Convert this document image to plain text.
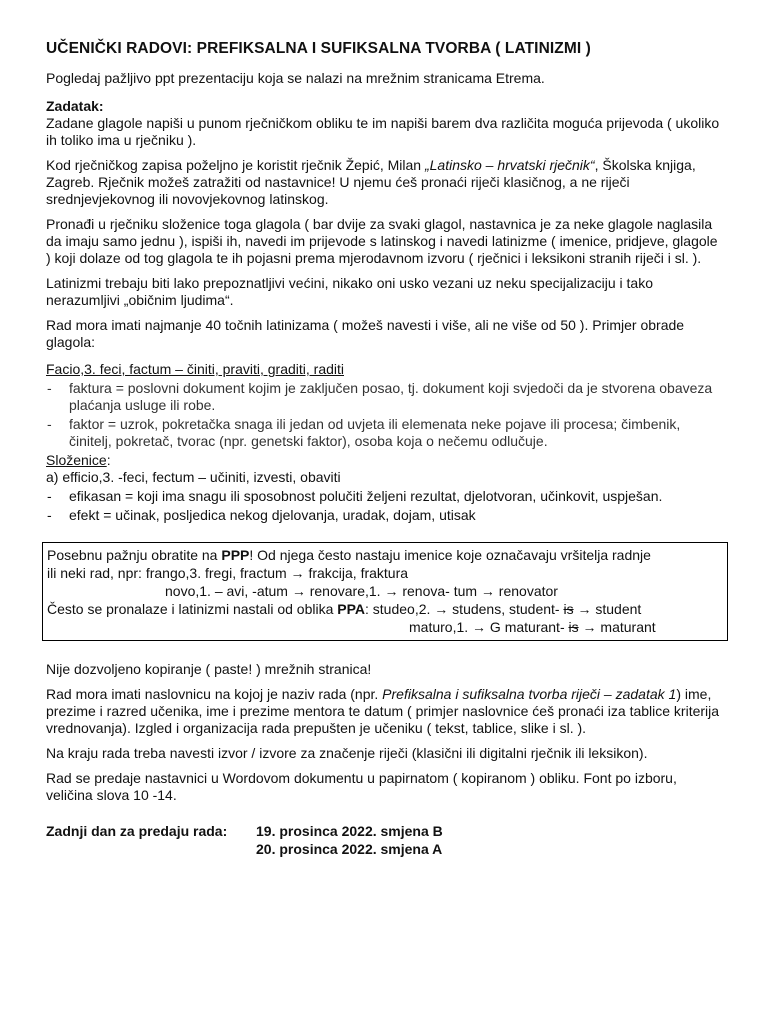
UČENIČKI RADOVI: PREFIKSALNA I SUFIKSALNA TVORBA ( LATINIZMI )

Pogledaj pažljivo ppt prezentaciju koja se nalazi na mrežnim stranicama Etrema.

Zadatak:

Zadane glagole napiši u punom rječničkom obliku te im napiši barem dva različita moguća prijevoda ( ukoliko ih toliko ima u rječniku ).

Kod rječničkog zapisa poželjno je koristit rječnik Žepić, Milan „Latinsko – hrvatski rječnik“, Školska knjiga, Zagreb. Rječnik možeš zatražiti od nastavnice! U njemu ćeš pronaći riječi klasičnog, a ne riječi srednjevjekovnog ili novovjekovnog latinskog.

Pronađi u rječniku složenice toga glagola ( bar dvije za svaki glagol, nastavnica je za neke glagole naglasila da imaju samo jednu ), ispiši ih, navedi im prijevode s latinskog i navedi latinizme ( imenice, pridjeve, glagole ) koji dolaze od tog glagola te ih pojasni prema mjerodavnom izvoru ( rječnici i leksikoni stranih riječi i sl. ).

Latinizmi trebaju biti lako prepoznatljivi većini, nikako oni usko vezani uz neku specijalizaciju i tako nerazumljivi „običnim ljudima“.

Rad mora imati najmanje 40 točnih latinizama ( možeš navesti i više, ali ne više od 50 ). Primjer obrade glagola:

Facio,3. feci, factum – činiti, praviti, graditi, raditi

- faktura = poslovni dokument kojim je zaključen posao, tj. dokument koji svjedoči da je stvorena obaveza plaćanja usluge ili robe.
- faktor = uzrok, pokretačka snaga ili jedan od uvjeta ili elemenata neke pojave ili procesa; čimbenik, činitelj, pokretač, tvorac (npr. genetski faktor), osoba koja o nečemu odlučuje.
Složenice:
a) efficio,3. -feci, fectum – učiniti, izvesti, obaviti
- efikasan = koji ima snagu ili sposobnost polučiti željeni rezultat, djelotvoran, učinkovit, uspješan.
- efekt = učinak, posljedica nekog djelovanja, uradak, dojam, utisak
Posebnu pažnju obratite na PPP! Od njega često nastaju imenice koje označavaju vršitelja radnje
ili neki rad, npr: frango,3. fregi, fractum → frakcija, fraktura
novo,1. – avi, -atum → renovare,1. → renova- tum → renovator
Često se pronalaze i latinizmi nastali od oblika PPA: studeo,2. → studens, student- is → student
maturo,1. → G maturant- is → maturant

Nije dozvoljeno kopiranje ( paste! ) mrežnih stranica!

Rad mora imati naslovnicu na kojoj je naziv rada (npr. Prefiksalna i sufiksalna tvorba riječi – zadatak 1) ime, prezime i razred učenika, ime i prezime mentora te datum ( primjer naslovnice ćeš pronaći iza tablice kriterija vrednovanja). Izgled i organizacija rada prepušten je učeniku ( tekst, tablice, slike i sl. ).

Na kraju rada treba navesti izvor / izvore za značenje riječi (klasični ili digitalni rječnik ili leksikon).

Rad se predaje nastavnici u Wordovom dokumentu u papirnatom ( kopiranom ) obliku. Font po izboru, veličina slova 10 -14.

Zadnji dan za predaju rada:	19. prosinca 2022. smjena B
20. prosinca 2022. smjena A
